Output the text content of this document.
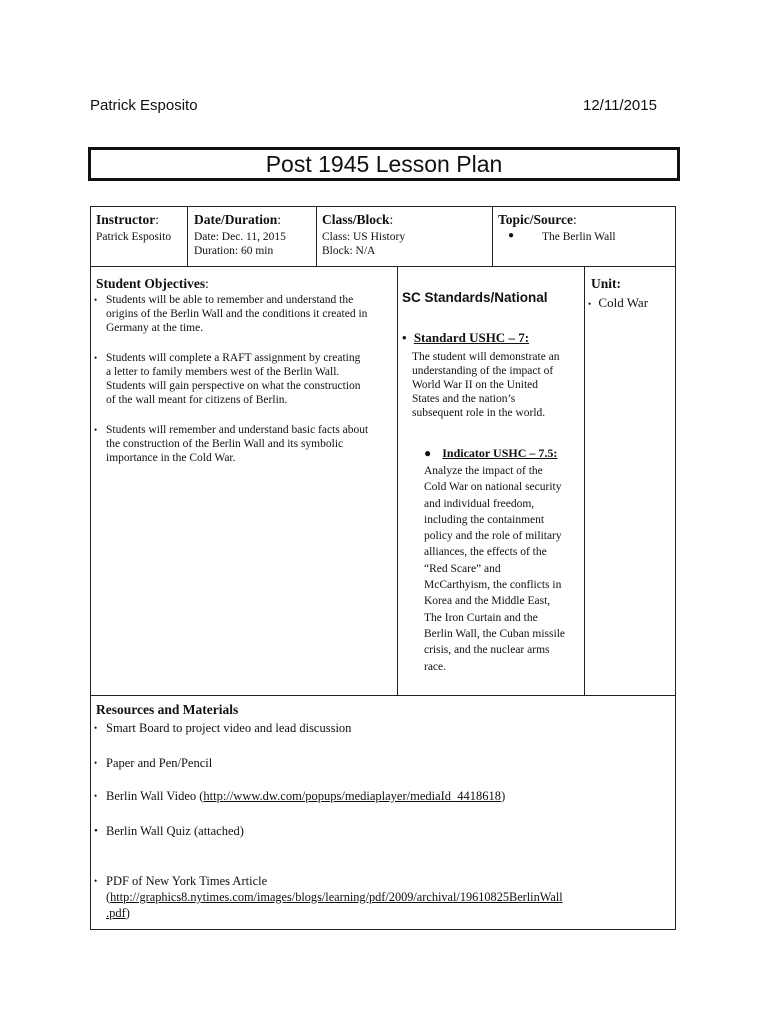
Patrick Esposito	12/11/2015
Post 1945 Lesson Plan
Instructor:
Patrick Esposito
Date/Duration:
Date: Dec. 11, 2015
Duration: 60 min
Class/Block:
Class: US History
Block: N/A
Topic/Source:
● The Berlin Wall
Student Objectives:
• Students will be able to remember and understand the
origins of the Berlin Wall and the conditions it created in
Germany at the time.
• Students will complete a RAFT assignment by creating
a letter to family members west of the Berlin Wall.
Students will gain perspective on what the construction
of the wall meant for citizens of Berlin.
• Students will remember and understand basic facts about
the construction of the Berlin Wall and its symbolic
importance in the Cold War.
SC Standards/National
• Standard USHC – 7:
The student will demonstrate an
understanding of the impact of
World War II on the United
States and the nation’s
subsequent role in the world.
● Indicator USHC – 7.5:
Analyze the impact of the
Cold War on national security
and individual freedom,
including the containment
policy and the role of military
alliances, the effects of the
“Red Scare” and
McCarthyism, the conflicts in
Korea and the Middle East,
The Iron Curtain and the
Berlin Wall, the Cuban missile
crisis, and the nuclear arms
race.
Unit:
• Cold War
Resources and Materials
• Smart Board to project video and lead discussion
• Paper and Pen/Pencil
• Berlin Wall Video (http://www.dw.com/popups/mediaplayer/mediaId_4418618)
• Berlin Wall Quiz (attached)
• PDF of New York Times Article
(http://graphics8.nytimes.com/images/blogs/learning/pdf/2009/archival/19610825BerlinWall
.pdf)
